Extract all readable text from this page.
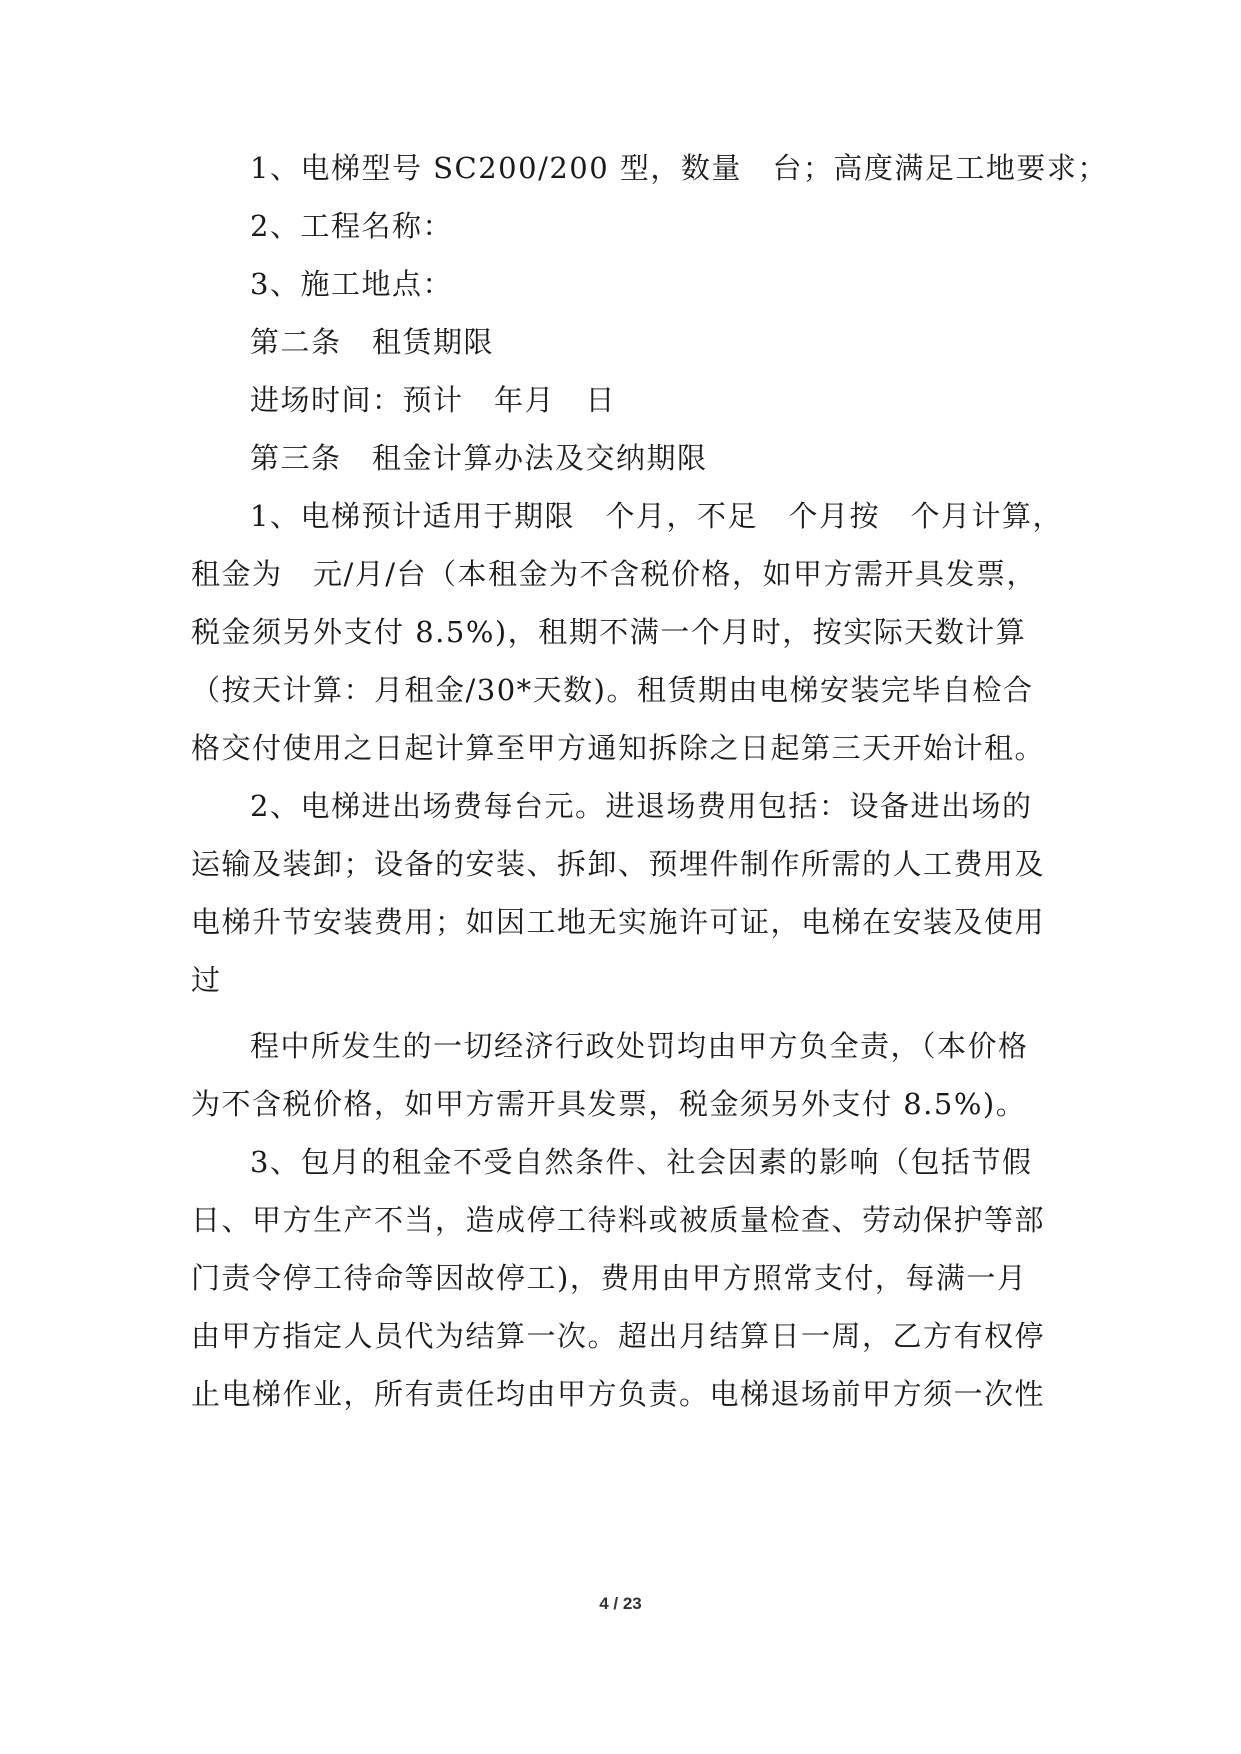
1、电梯型号 SC200/200 型，数量　台；高度满足工地要求；
2、工程名称：
3、施工地点：
第二条　租赁期限
进场时间：预计　年月　日
第三条　租金计算办法及交纳期限
1、电梯预计适用于期限　个月，不足　个月按　个月计算，
租金为　元/月/台（本租金为不含税价格，如甲方需开具发票，
税金须另外支付 8.5%)，租期不满一个月时，按实际天数计算
（按天计算：月租金/30*天数)。租赁期由电梯安装完毕自检合
格交付使用之日起计算至甲方通知拆除之日起第三天开始计租。
2、电梯进出场费每台元。进退场费用包括：设备进出场的
运输及装卸；设备的安装、拆卸、预埋件制作所需的人工费用及
电梯升节安装费用；如因工地无实施许可证，电梯在安装及使用
过
程中所发生的一切经济行政处罚均由甲方负全责，（本价格
为不含税价格，如甲方需开具发票，税金须另外支付 8.5%)。
3、包月的租金不受自然条件、社会因素的影响（包括节假
日、甲方生产不当，造成停工待料或被质量检查、劳动保护等部
门责令停工待命等因故停工)，费用由甲方照常支付，每满一月
由甲方指定人员代为结算一次。超出月结算日一周，乙方有权停
止电梯作业，所有责任均由甲方负责。电梯退场前甲方须一次性
4 / 23
